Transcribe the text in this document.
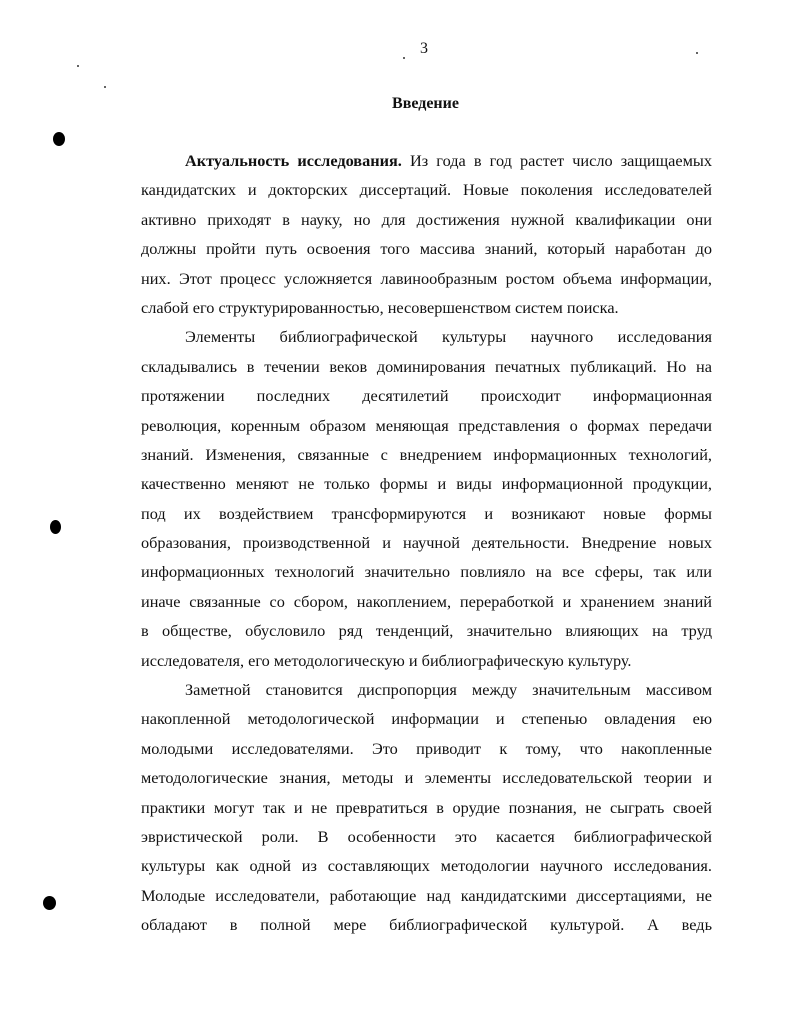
3
Введение
Актуальность исследования. Из года в год растет число защищаемых
кандидатских и докторских диссертаций. Новые поколения исследователей
активно приходят в науку, но для достижения нужной квалификации они
должны пройти путь освоения того массива знаний, который наработан до
них. Этот процесс усложняется лавинообразным ростом объема информации,
слабой его структурированностью, несовершенством систем поиска.
Элементы библиографической культуры научного исследования
складывались в течении веков доминирования печатных публикаций. Но на
протяжении последних десятилетий происходит информационная
революция, коренным образом меняющая представления о формах передачи
знаний. Изменения, связанные с внедрением информационных технологий,
качественно меняют не только формы и виды информационной продукции,
под их воздействием трансформируются и возникают новые формы
образования, производственной и научной деятельности. Внедрение новых
информационных технологий значительно повлияло на все сферы, так или
иначе связанные со сбором, накоплением, переработкой и хранением знаний
в обществе, обусловило ряд тенденций, значительно влияющих на труд
исследователя, его методологическую и библиографическую культуру.
Заметной становится диспропорция между значительным массивом
накопленной методологической информации и степенью овладения ею
молодыми исследователями. Это приводит к тому, что накопленные
методологические знания, методы и элементы исследовательской теории и
практики могут так и не превратиться в орудие познания, не сыграть своей
эвристической роли. В особенности это касается библиографической
культуры как одной из составляющих методологии научного исследования.
Молодые исследователи, работающие над кандидатскими диссертациями, не
обладают в полной мере библиографической культурой. А ведь
